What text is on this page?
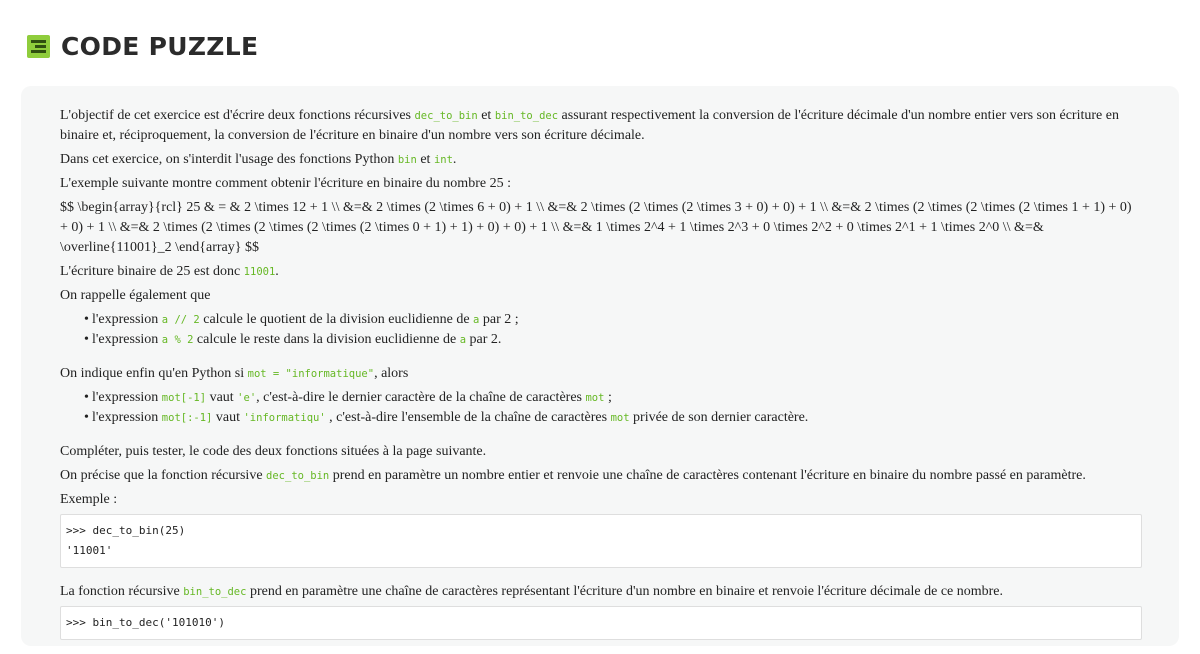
CODE PUZZLE

L'objectif de cet exercice est d'écrire deux fonctions récursives dec_to_bin et bin_to_dec assurant respectivement la conversion de l'écriture décimale d'un nombre entier vers son écriture en binaire et, réciproquement, la conversion de l'écriture en binaire d'un nombre vers son écriture décimale.

Dans cet exercice, on s'interdit l'usage des fonctions Python bin et int.

L'exemple suivante montre comment obtenir l'écriture en binaire du nombre 25 :

$$ \begin{array}{rcl} 25 & = & 2 \times 12 + 1 \\ &=& 2 \times (2 \times 6 + 0) + 1 \\ &=& 2 \times (2 \times (2 \times 3 + 0) + 0) + 1 \\ &=& 2 \times (2 \times (2 \times (2 \times 1 + 1) + 0) + 0) + 1 \\ &=& 2 \times (2 \times (2 \times (2 \times (2 \times 0 + 1) + 1) + 0) + 0) + 1 \\ &=& 1 \times 2^4 + 1 \times 2^3 + 0 \times 2^2 + 0 \times 2^1 + 1 \times 2^0 \\ &=& \overline{11001}_2 \end{array} $$

L'écriture binaire de 25 est donc 11001.

On rappelle également que

• l'expression a // 2 calcule le quotient de la division euclidienne de a par 2 ;
• l'expression a % 2 calcule le reste dans la division euclidienne de a par 2.

On indique enfin qu'en Python si mot = "informatique", alors

• l'expression mot[-1] vaut 'e', c'est-à-dire le dernier caractère de la chaîne de caractères mot ;
• l'expression mot[:-1] vaut 'informatiqu' , c'est-à-dire l'ensemble de la chaîne de caractères mot privée de son dernier caractère.

Compléter, puis tester, le code des deux fonctions situées à la page suivante.

On précise que la fonction récursive dec_to_bin prend en paramètre un nombre entier et renvoie une chaîne de caractères contenant l'écriture en binaire du nombre passé en paramètre.

Exemple :

>>> dec_to_bin(25)
'11001'

La fonction récursive bin_to_dec prend en paramètre une chaîne de caractères représentant l'écriture d'un nombre en binaire et renvoie l'écriture décimale de ce nombre.

>>> bin_to_dec('101010')
